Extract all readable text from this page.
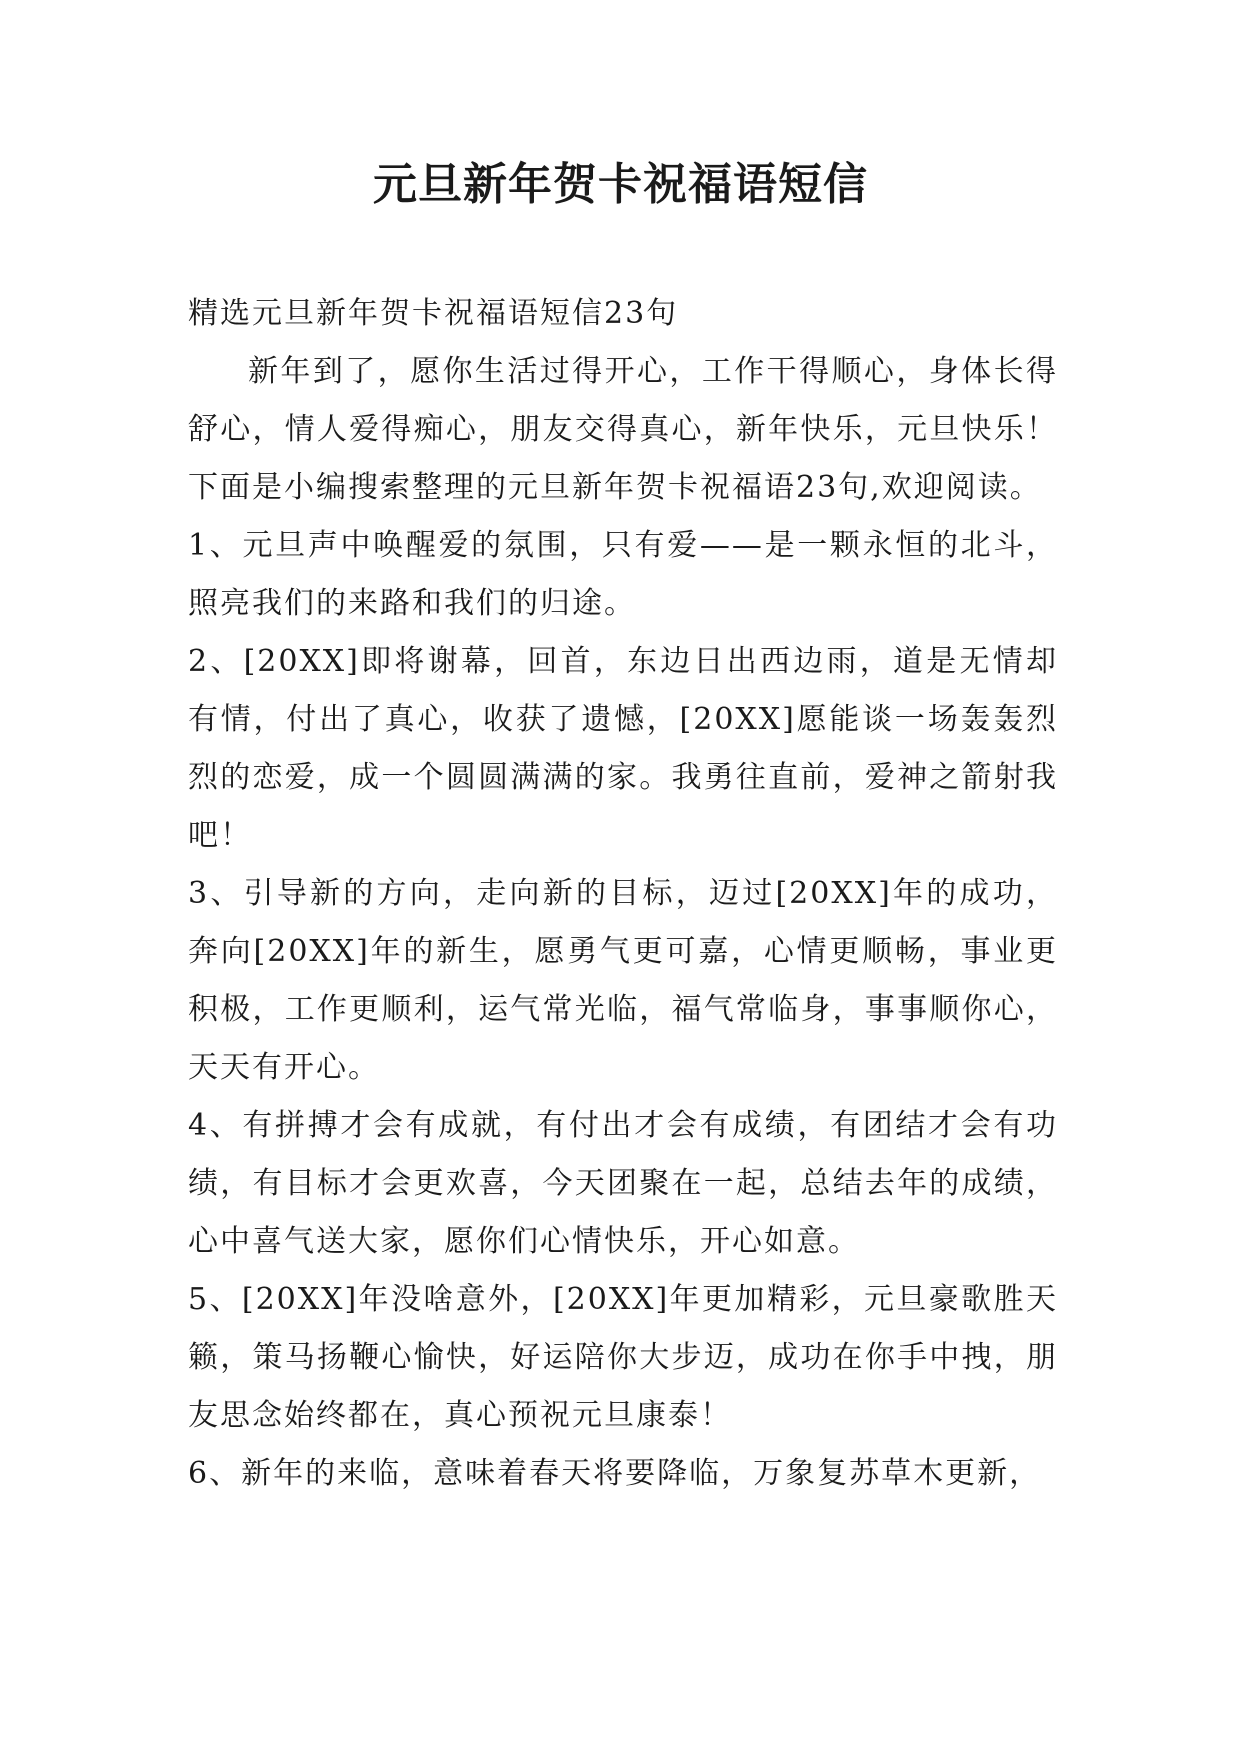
元旦新年贺卡祝福语短信

精选元旦新年贺卡祝福语短信23句

新年到了，愿你生活过得开心，工作干得顺心，身体长得舒心，情人爱得痴心，朋友交得真心，新年快乐，元旦快乐！下面是小编搜索整理的元旦新年贺卡祝福语23句,欢迎阅读。

1、元旦声中唤醒爱的氛围，只有爱——是一颗永恒的北斗，照亮我们的来路和我们的归途。

2、[20XX]即将谢幕，回首，东边日出西边雨，道是无情却有情，付出了真心，收获了遗憾，[20XX]愿能谈一场轰轰烈烈的恋爱，成一个圆圆满满的家。我勇往直前，爱神之箭射我吧！

3、引导新的方向，走向新的目标，迈过[20XX]年的成功，奔向[20XX]年的新生，愿勇气更可嘉，心情更顺畅，事业更积极，工作更顺利，运气常光临，福气常临身，事事顺你心，天天有开心。

4、有拼搏才会有成就，有付出才会有成绩，有团结才会有功绩，有目标才会更欢喜，今天团聚在一起，总结去年的成绩，心中喜气送大家，愿你们心情快乐，开心如意。

5、[20XX]年没啥意外，[20XX]年更加精彩，元旦豪歌胜天籁，策马扬鞭心愉快，好运陪你大步迈，成功在你手中拽，朋友思念始终都在，真心预祝元旦康泰！

6、新年的来临，意味着春天将要降临，万象复苏草木更新，
